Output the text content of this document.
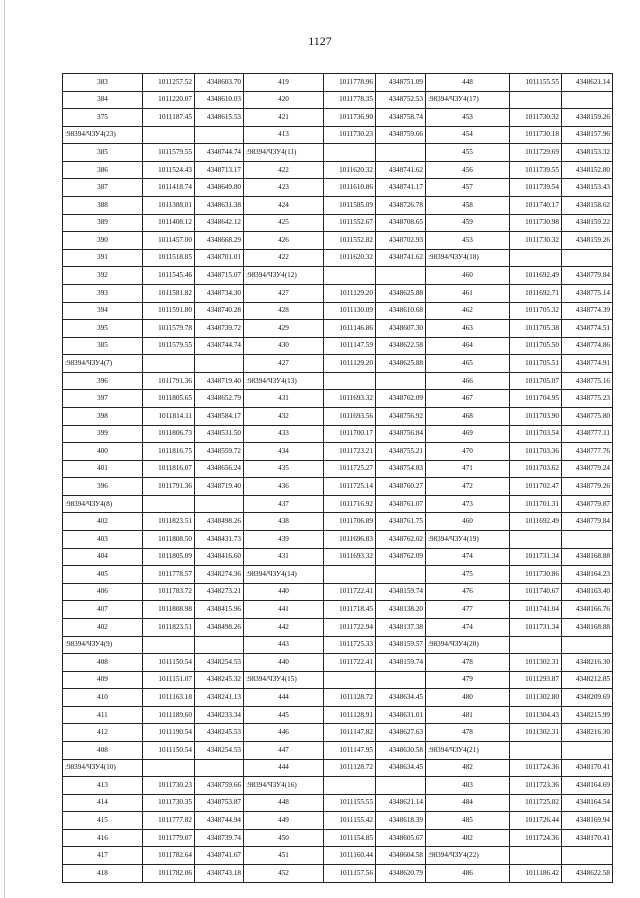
1127
383	1011257.52	4348603.70	419	1011778.96	4348751.09	448	1011155.55	4348621.14
384	1011220.07	4348610.03	420	1011778.35	4348752.53	:98394/ЧЗУ4(17)		
375	1011187.45	4348615.53	421	1011736.90	4348758.74	453	1011730.32	4348159.26
:98394/ЧЗУ4(23)			413	1011730.23	4348759.66	454	1011730.18	4348157.96
385	1011579.55	4348744.74	:98394/ЧЗУ4(11)			455	1011729.69	4348153.32
386	1011524.43	4348713.17	422	1011620.32	4348741.62	456	1011739.55	4348152.80
387	1011418.74	4348649.80	423	1011610.86	4348741.17	457	1011739.54	4348153.43
388	1011388.01	4348631.38	424	1011585.09	4348726.78	458	1011740.17	4348158.62
389	1011408.12	4348642.12	425	1011552.67	4348708.65	459	1011730.98	4348159.22
390	1011457.00	4348668.29	426	1011552.82	4348702.93	453	1011730.32	4348159.26
391	1011518.85	4348701.01	422	1011620.32	4348741.62	:98394/ЧЗУ4(18)		
392	1011545.46	4348715.07	:98394/ЧЗУ4(12)			460	1011692.49	4348779.84
393	1011581.82	4348734.30	427	1011129.20	4348625.88	461	1011692.71	4348775.14
394	1011591.80	4348740.28	428	1011130.09	4348610.68	462	1011705.32	4348774.39
395	1011579.78	4348739.72	429	1011146.86	4348607.30	463	1011705.38	4348774.51
385	1011579.55	4348744.74	430	1011147.59	4348622.58	464	1011705.50	4348774.86
:98394/ЧЗУ4(7)			427	1011129.20	4348625.88	465	1011705.51	4348774.91
396	1011791.36	4348719.40	:98394/ЧЗУ4(13)			466	1011705.07	4348775.16
397	1011805.65	4348652.79	431	1011693.32	4348762.09	467	1011704.95	4348775.23
398	1011814.11	4348584.17	432	1011693.56	4348756.92	468	1011703.90	4348775.80
399	1011806.73	4348531.50	433	1011700.17	4348756.84	469	1011703.54	4348777.11
400	1011816.75	4348559.72	434	1011723.21	4348755.21	470	1011703.36	4348777.76
401	1011816.07	4348656.24	435	1011725.27	4348754.83	471	1011703.62	4348779.24
396	1011791.36	4348719.40	436	1011725.14	4348760.27	472	1011702.47	4348779.26
:98394/ЧЗУ4(8)			437	1011716.92	4348761.07	473	1011701.31	4348779.87
402	1011823.51	4348498.26	438	1011706.89	4348761.75	460	1011692.49	4348779.84
403	1011808.50	4348431.73	439	1011696.83	4348762.02	:98394/ЧЗУ4(19)		
404	1011805.09	4348416.60	431	1011693.32	4348762.09	474	1011731.34	4348168.88
405	1011778.57	4348274.36	:98394/ЧЗУ4(14)			475	1011730.86	4348164.23
406	1011783.72	4348273.21	440	1011722.41	4348159.74	476	1011740.67	4348163.40
407	1011808.98	4348415.96	441	1011718.45	4348138.20	477	1011741.04	4348166.76
402	1011823.51	4348498.26	442	1011722.94	4348137.38	474	1011731.34	4348168.88
:98394/ЧЗУ4(9)			443	1011725.33	4348159.57	:98394/ЧЗУ4(20)		
408	1011150.54	4348254.53	440	1011722.41	4348159.74	478	1011302.31	4348216.30
409	1011151.07	4348245.32	:98394/ЧЗУ4(15)			479	1011293.87	4348212.85
410	1011163.18	4348241.13	444	1011128.72	4348634.45	480	1011302.80	4348209.69
411	1011189.60	4348233.34	445	1011128.91	4348631.01	481	1011304.43	4348215.99
412	1011190.54	4348245.53	446	1011147.82	4348627.63	478	1011302.31	4348216.30
408	1011150.54	4348254.53	447	1011147.95	4348630.58	:98394/ЧЗУ4(21)		
:98394/ЧЗУ4(10)			444	1011128.72	4348634.45	482	1011724.36	4348170.41
413	1011730.23	4348759.66	:98394/ЧЗУ4(16)			483	1011723.36	4348164.69
414	1011730.35	4348753.87	448	1011155.55	4348621.14	484	1011725.82	4348164.54
415	1011777.82	4348744.94	449	1011155.42	4348618.39	485	1011726.44	4348169.94
416	1011779.07	4348739.74	450	1011154.85	4348605.67	482	1011724.36	4348170.41
417	1011782.64	4348741.67	451	1011160.44	4348604.58	:98394/ЧЗУ4(22)		
418	1011782.06	4348743.18	452	1011157.56	4348620.79	486	1011186.42	4348622.58
